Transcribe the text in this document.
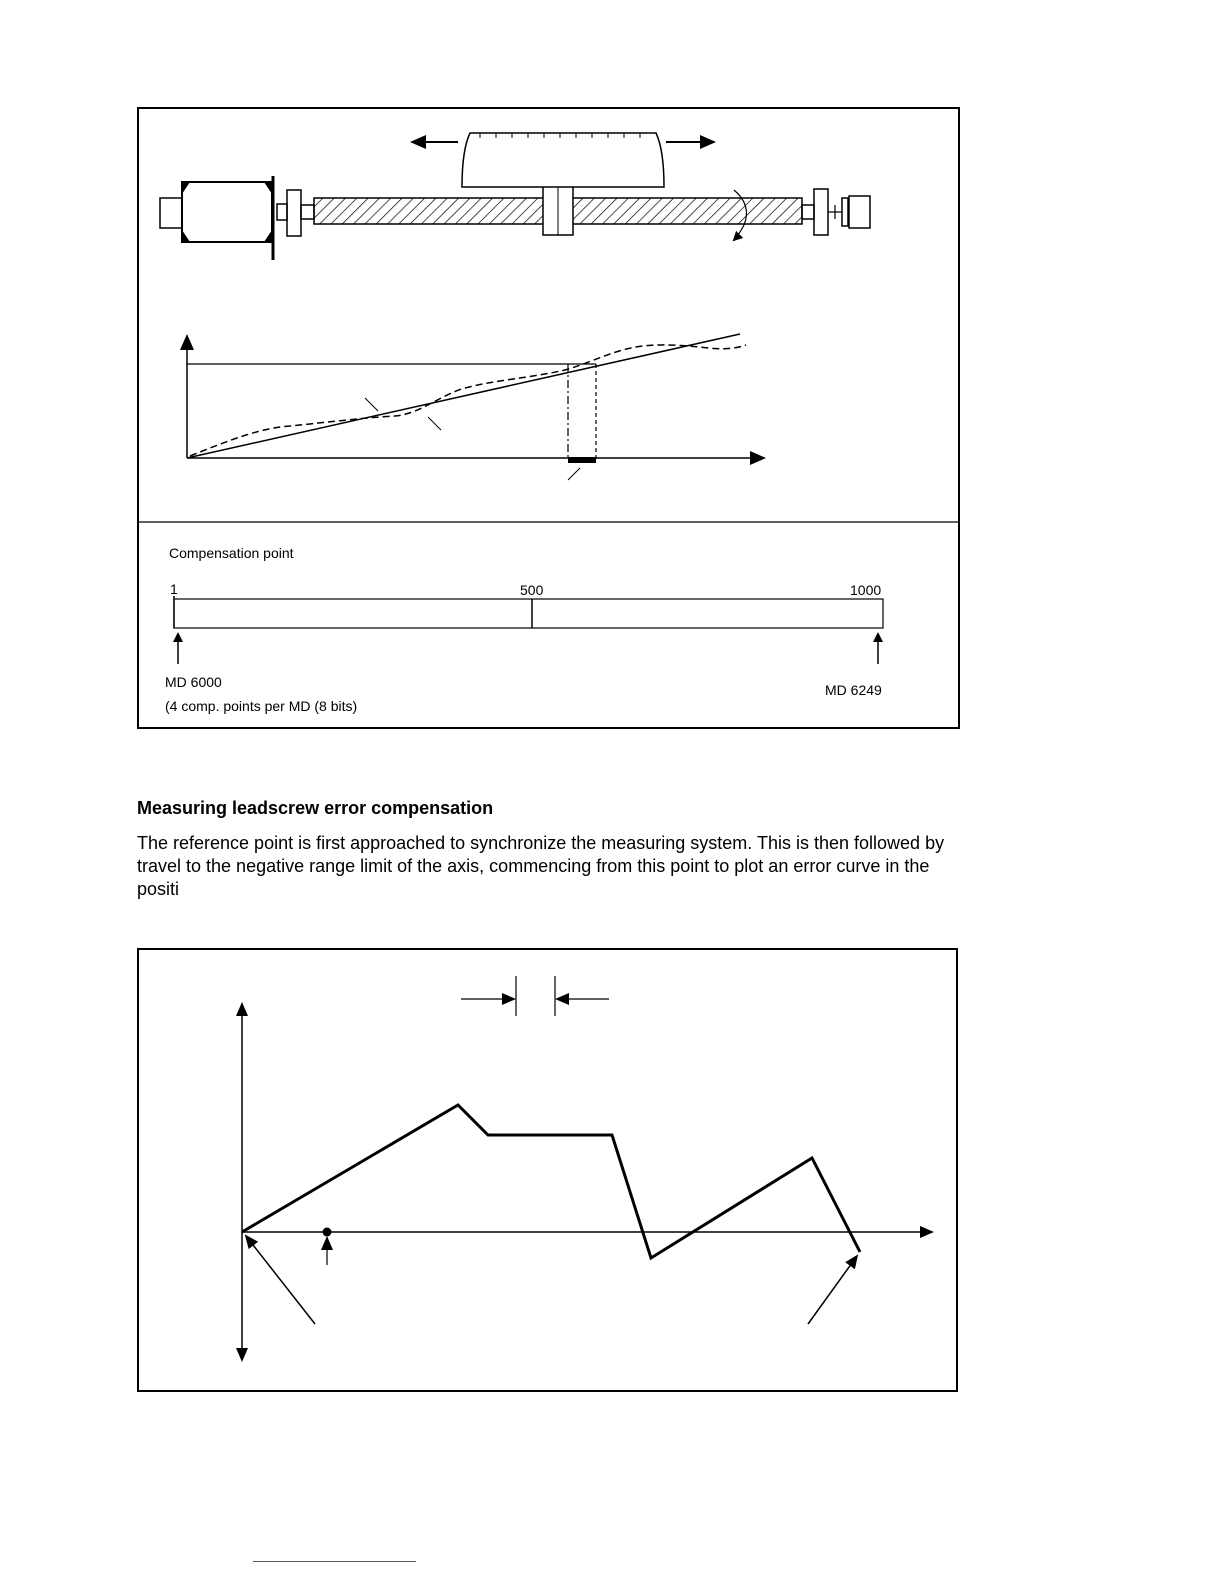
Compensation point
1	500	1000
MD 6000
(4 comp. points per MD (8 bits)
MD 6249
Measuring leadscrew error compensation
The reference point is first approached to synchronize the measuring system. This is then followed by travel to the negative range limit of the axis, commencing from this point to plot an error curve in the positi
